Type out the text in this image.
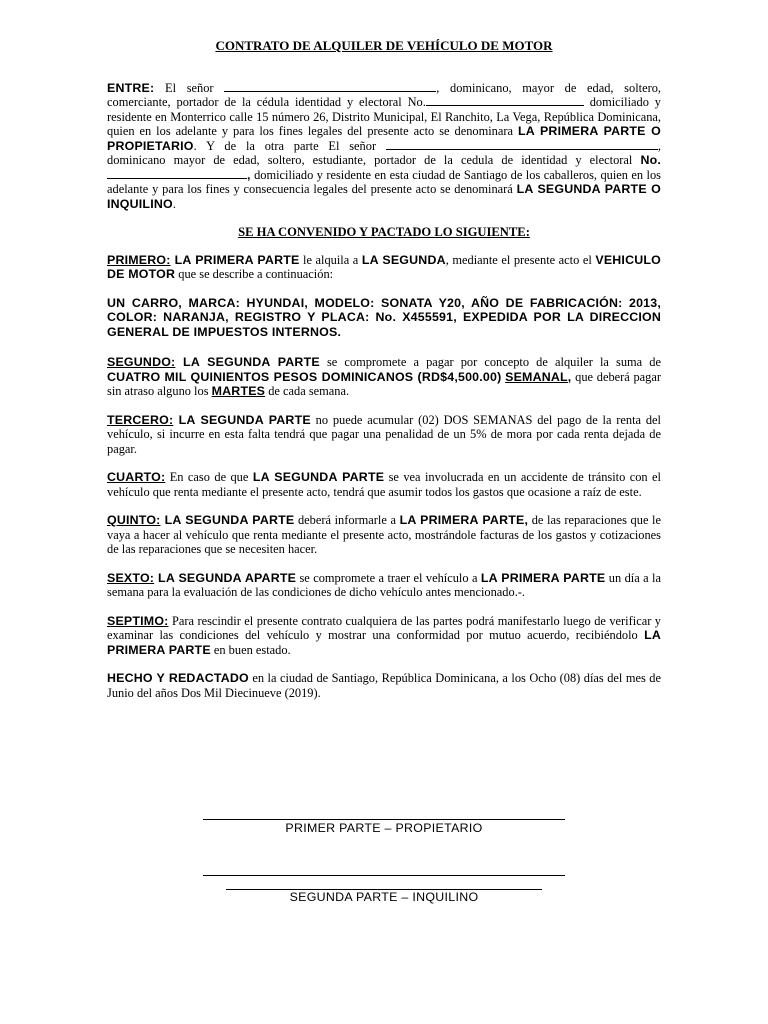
CONTRATO DE ALQUILER DE VEHÍCULO DE MOTOR

ENTRE: El señor	, dominicano, mayor de edad, soltero, comerciante, portador de la cédula identidad y electoral No.	domiciliado y residente en Monterrico calle 15 número 26, Distrito Municipal, El Ranchito, La Vega, República Dominicana, quien en los adelante y para los fines legales del presente acto se denominara LA PRIMERA PARTE O PROPIETARIO. Y de la otra parte El señor	, dominicano mayor de edad, soltero, estudiante, portador de la cedula de identidad y electoral No. , domiciliado y residente en esta ciudad de Santiago de los caballeros, quien en los adelante y para los fines y consecuencia legales del presente acto se denominará LA SEGUNDA PARTE O INQUILINO.

SE HA CONVENIDO Y PACTADO LO SIGUIENTE:

PRIMERO: LA PRIMERA PARTE le alquila a LA SEGUNDA, mediante el presente acto el VEHICULO DE MOTOR que se describe a continuación:

UN CARRO, MARCA: HYUNDAI, MODELO: SONATA Y20, AÑO DE FABRICACIÓN: 2013, COLOR: NARANJA, REGISTRO Y PLACA: No. X455591, EXPEDIDA POR LA DIRECCION GENERAL DE IMPUESTOS INTERNOS.

SEGUNDO: LA SEGUNDA PARTE se compromete a pagar por concepto de alquiler la suma de CUATRO MIL QUINIENTOS PESOS DOMINICANOS (RD$4,500.00) SEMANAL, que deberá pagar sin atraso alguno los MARTES de cada semana.

TERCERO: LA SEGUNDA PARTE no puede acumular (02) DOS SEMANAS del pago de la renta del vehículo, si incurre en esta falta tendrá que pagar una penalidad de un 5% de mora por cada renta dejada de pagar.

CUARTO: En caso de que LA SEGUNDA PARTE se vea involucrada en un accidente de tránsito con el vehículo que renta mediante el presente acto, tendrá que asumir todos los gastos que ocasione a raíz de este.

QUINTO: LA SEGUNDA PARTE deberá informarle a LA PRIMERA PARTE, de las reparaciones que le vaya a hacer al vehículo que renta mediante el presente acto, mostrándole facturas de los gastos y cotizaciones de las reparaciones que se necesiten hacer.

SEXTO: LA SEGUNDA APARTE se compromete a traer el vehículo a LA PRIMERA PARTE un día a la semana para la evaluación de las condiciones de dicho vehículo antes mencionado.-.

SEPTIMO: Para rescindir el presente contrato cualquiera de las partes podrá manifestarlo luego de verificar y examinar las condiciones del vehículo y mostrar una conformidad por mutuo acuerdo, recibiéndolo LA PRIMERA PARTE en buen estado.

HECHO Y REDACTADO en la ciudad de Santiago, República Dominicana, a los Ocho (08) días del mes de Junio del años Dos Mil Diecinueve (2019).

PRIMER PARTE – PROPIETARIO
SEGUNDA PARTE – INQUILINO
